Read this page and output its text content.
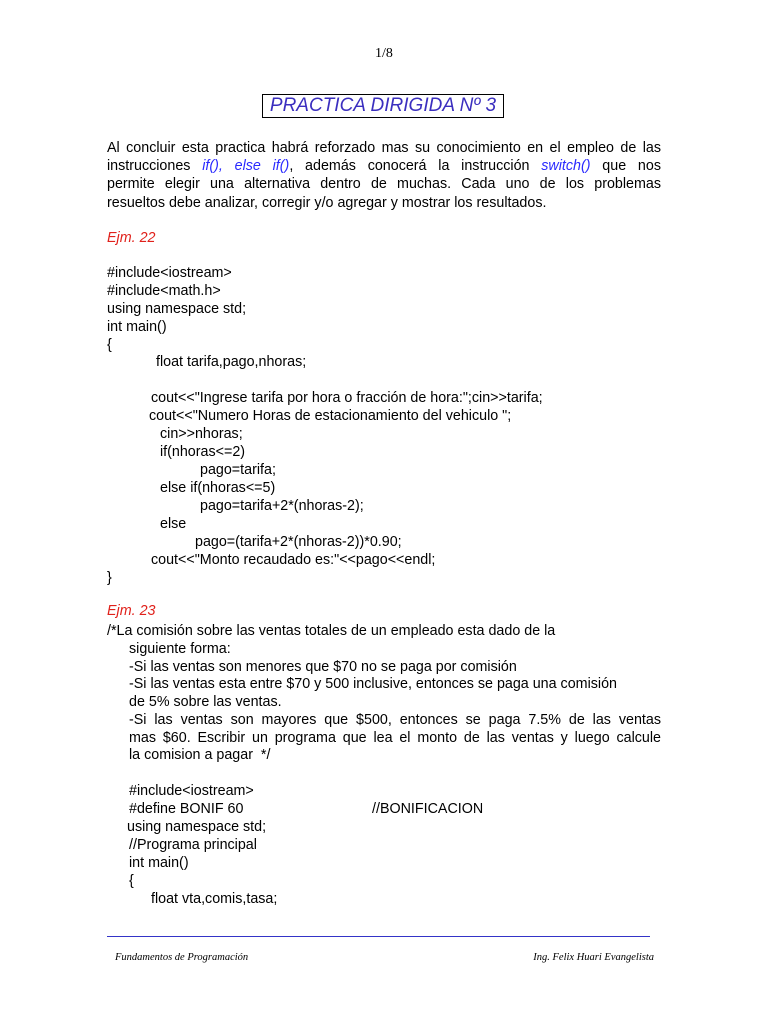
1/8
PRACTICA DIRIGIDA Nº 3
Al concluir esta practica habrá reforzado mas su conocimiento en el empleo de las
instrucciones if(), else if(), además conocerá la instrucción switch() que nos
permite elegir una alternativa dentro de muchas. Cada uno de los problemas
resueltos debe analizar, corregir y/o agregar y mostrar los resultados.
Ejm. 22
#include<iostream>
#include<math.h>
using namespace std;
int main()
{
float tarifa,pago,nhoras;
cout<<"Ingrese tarifa por hora o fracción de hora:";cin>>tarifa;
cout<<"Numero Horas de estacionamiento del vehiculo ";
cin>>nhoras;
if(nhoras<=2)
pago=tarifa;
else if(nhoras<=5)
pago=tarifa+2*(nhoras-2);
else
pago=(tarifa+2*(nhoras-2))*0.90;
cout<<"Monto recaudado es:"<<pago<<endl;
}
Ejm. 23
/*La comisión sobre las ventas totales de un empleado esta dado de la
siguiente forma:
-Si las ventas son menores que $70 no se paga por comisión
-Si las ventas esta entre $70 y 500 inclusive, entonces se paga una comisión
de 5% sobre las ventas.
-Si las ventas son mayores que $500, entonces se paga 7.5% de las ventas
mas $60. Escribir un programa que lea el monto de las ventas y luego calcule
la comision a pagar  */
#include<iostream>
#define BONIF 60	//BONIFICACION
using namespace std;
//Programa principal
int main()
{
float vta,comis,tasa;
Fundamentos de Programación	Ing. Felix Huari Evangelista
